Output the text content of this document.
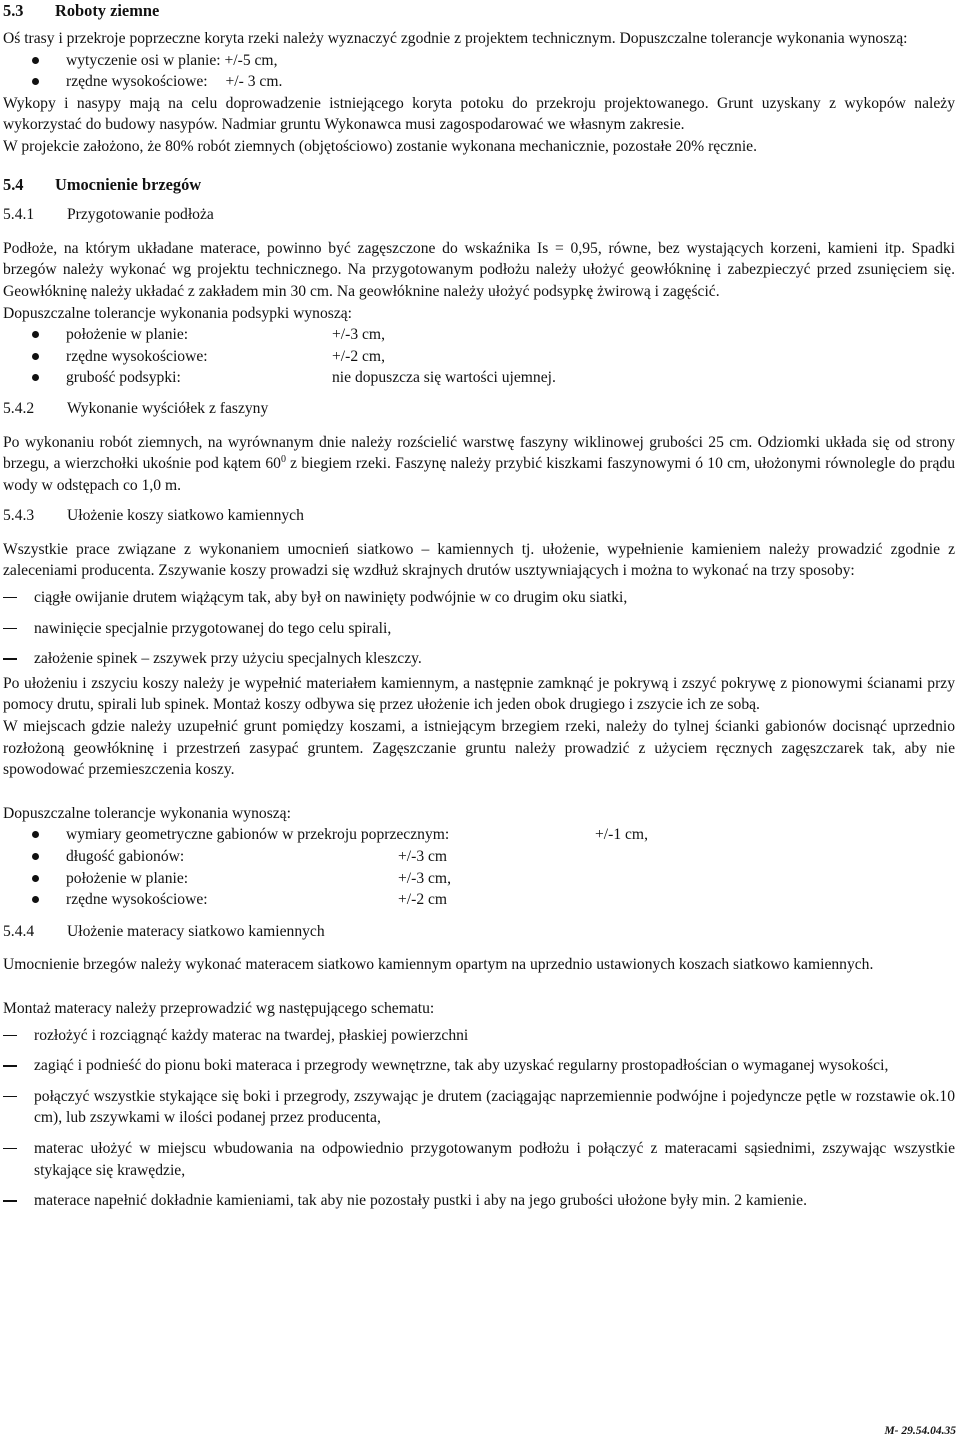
5.3	Roboty ziemne

Oś trasy i przekroje poprzeczne koryta rzeki należy wyznaczyć zgodnie z projektem technicznym. Dopuszczalne tolerancje wykonania wynoszą:

wytyczenie osi w planie: +/-5 cm,
rzędne wysokościowe: +/- 3 cm.

Wykopy i nasypy mają na celu doprowadzenie istniejącego koryta potoku do przekroju projektowanego. Grunt uzyskany z wykopów należy wykorzystać do budowy nasypów. Nadmiar gruntu Wykonawca musi zagospodarować we własnym zakresie.

W projekcie założono, że 80% robót ziemnych (objętościowo) zostanie wykonana mechanicznie, pozostałe 20% ręcznie.

5.4	Umocnienie brzegów
5.4.1	Przygotowanie podłoża

Podłoże, na którym układane materace, powinno być zagęszczone do wskaźnika Is = 0,95, równe, bez wystających korzeni, kamieni itp. Spadki brzegów należy wykonać wg projektu technicznego. Na przygotowanym podłożu należy ułożyć geowłókninę i zabezpieczyć przed zsunięciem się. Geowłókninę należy układać z zakładem min 30 cm. Na geowłóknine należy ułożyć podsypkę żwirową i zagęścić.

Dopuszczalne tolerancje wykonania podsypki wynoszą:

położenie w planie:	+/-3 cm,
rzędne wysokościowe:	+/-2 cm,
grubość podsypki:	nie dopuszcza się wartości ujemnej.
5.4.2	Wykonanie wyściółek z faszyny

Po wykonaniu robót ziemnych, na wyrównanym dnie należy rozścielić warstwę faszyny wiklinowej grubości 25 cm. Odziomki układa się od strony brzegu, a wierzchołki ukośnie pod kątem $60^0$ z biegiem rzeki. Faszynę należy przybić kiszkami faszynowymi ó 10 cm, ułożonymi równolegle do prądu wody w odstępach co 1,0 m.

5.4.3	Ułożenie koszy siatkowo kamiennych

Wszystkie prace związane z wykonaniem umocnień siatkowo – kamiennych tj. ułożenie, wypełnienie kamieniem należy prowadzić zgodnie z zaleceniami producenta. Zszywanie koszy prowadzi się wzdłuż skrajnych drutów usztywniających i można to wykonać na trzy sposoby:

ciągłe owijanie drutem wiążącym tak, aby był on nawinięty podwójnie w co drugim oku siatki,
nawinięcie specjalnie przygotowanej do tego celu spirali,
założenie spinek – zszywek przy użyciu specjalnych kleszczy.

Po ułożeniu i zszyciu koszy należy je wypełnić materiałem kamiennym, a następnie zamknąć je pokrywą i zszyć pokrywę z pionowymi ścianami przy pomocy drutu, spirali lub spinek. Montaż koszy odbywa się przez ułożenie ich jeden obok drugiego i zszycie ich ze sobą.

W miejscach gdzie należy uzupełnić grunt pomiędzy koszami, a istniejącym brzegiem rzeki, należy do tylnej ścianki gabionów docisnąć uprzednio rozłożoną geowłókninę i przestrzeń zasypać gruntem. Zagęszczanie gruntu należy prowadzić z użyciem ręcznych zagęszczarek tak, aby nie spowodować przemieszczenia koszy.

Dopuszczalne tolerancje wykonania wynoszą:

wymiary geometryczne gabionów w przekroju poprzecznym:	+/-1 cm,
długość gabionów:	+/-3 cm
położenie w planie:	+/-3 cm,
rzędne wysokościowe:	+/-2 cm
5.4.4	Ułożenie materacy siatkowo kamiennych

Umocnienie brzegów należy wykonać materacem siatkowo kamiennym opartym na uprzednio ustawionych koszach siatkowo kamiennych.

Montaż materacy należy przeprowadzić wg następującego schematu:

rozłożyć i rozciągnąć każdy materac na twardej, płaskiej powierzchni
zagiąć i podnieść do pionu boki materaca i przegrody wewnętrzne, tak aby uzyskać regularny prostopadłościan o wymaganej wysokości,
połączyć wszystkie stykające się boki i przegrody, zszywając je drutem (zaciągając naprzemiennie podwójne i pojedyncze pętle w rozstawie ok.10 cm), lub zszywkami w ilości podanej przez producenta,
materac ułożyć w miejscu wbudowania na odpowiednio przygotowanym podłożu i połączyć z materacami sąsiednimi, zszywając wszystkie stykające się krawędzie,
materace napełnić dokładnie kamieniami, tak aby nie pozostały pustki i aby na jego grubości ułożone były min. 2 kamienie.
M- 29.54.04.35
